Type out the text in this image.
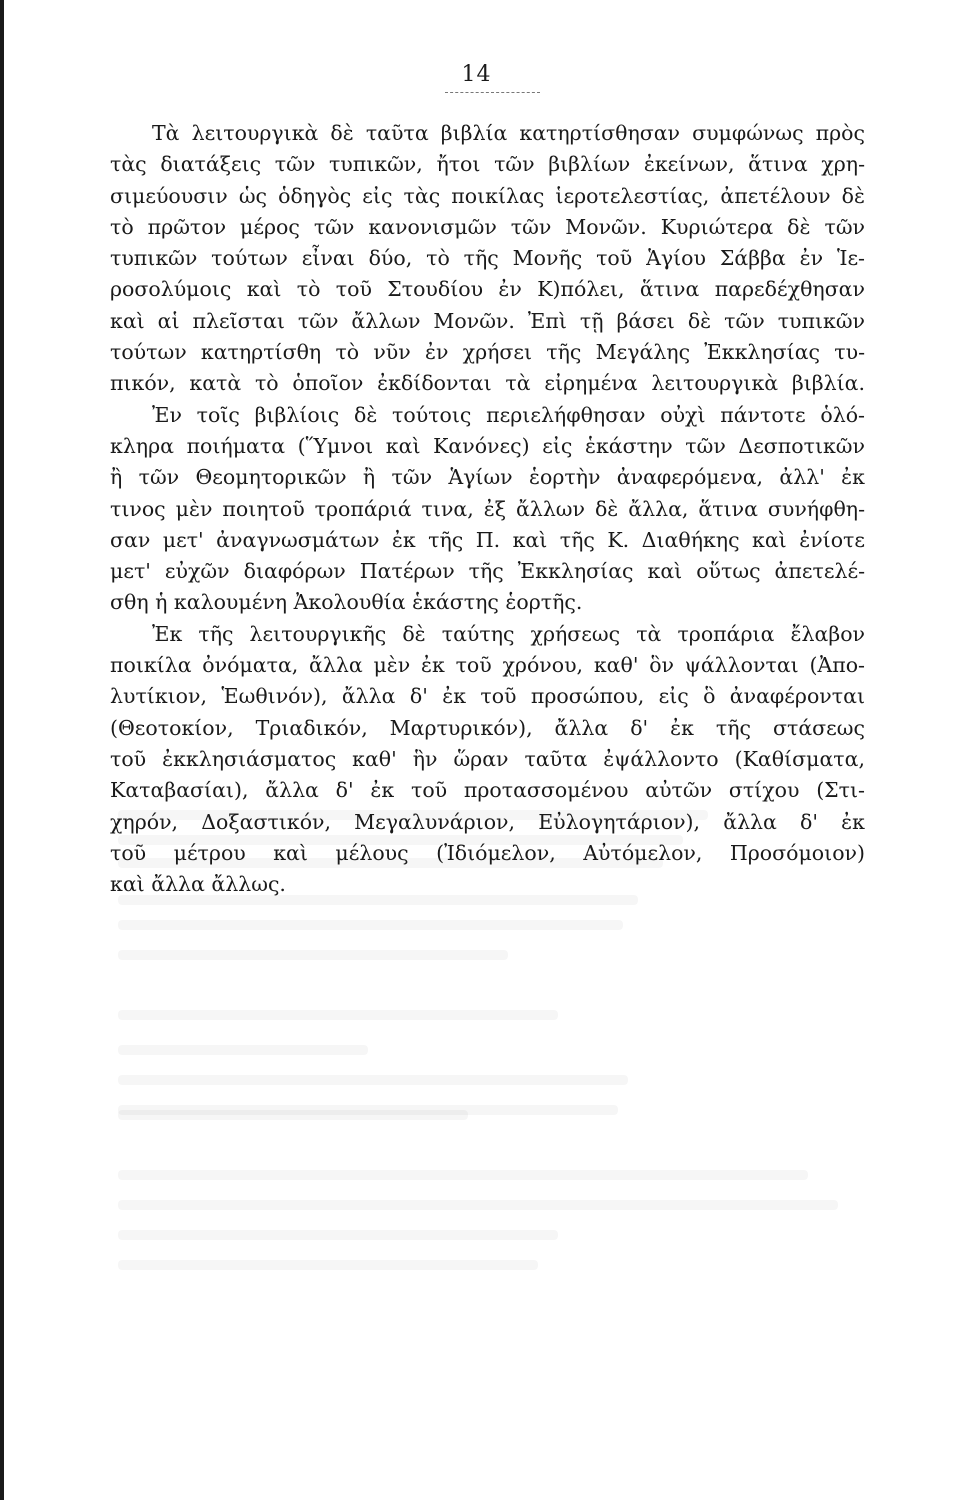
14
Τὰ λειτουργικὰ δὲ ταῦτα βιβλία κατηρτίσθησαν συμφώνως πρὸς
τὰς διατάξεις τῶν τυπικῶν, ἤτοι τῶν βιβλίων ἐκείνων, ἅτινα χρη-
σιμεύουσιν ὡς ὁδηγὸς εἰς τὰς ποικίλας ἱεροτελεστίας, ἀπετέλουν δὲ
τὸ πρῶτον μέρος τῶν κανονισμῶν τῶν Μονῶν. Κυριώτερα δὲ τῶν
τυπικῶν τούτων εἶναι δύο, τὸ τῆς Μονῆς τοῦ Ἁγίου Σάββα ἐν Ἱε-
ροσολύμοις καὶ τὸ τοῦ Στουδίου ἐν Κ)πόλει, ἅτινα παρεδέχθησαν
καὶ αἱ πλεῖσται τῶν ἄλλων Μονῶν. Ἐπὶ τῇ βάσει δὲ τῶν τυπικῶν
τούτων κατηρτίσθη τὸ νῦν ἐν χρήσει τῆς Μεγάλης Ἐκκλησίας τυ-
πικόν, κατὰ τὸ ὁποῖον ἐκδίδονται τὰ εἰρημένα λειτουργικὰ βιβλία.
Ἐν τοῖς βιβλίοις δὲ τούτοις περιελήφθησαν οὐχὶ πάντοτε ὁλό-
κληρα ποιήματα (Ὕμνοι καὶ Κανόνες) εἰς ἑκάστην τῶν Δεσποτικῶν
ἢ τῶν Θεομητορικῶν ἢ τῶν Ἁγίων ἑορτὴν ἀναφερόμενα, ἀλλ' ἐκ
τινος μὲν ποιητοῦ τροπάριά τινα, ἐξ ἄλλων δὲ ἄλλα, ἅτινα συνήφθη-
σαν μετ' ἀναγνωσμάτων ἐκ τῆς Π. καὶ τῆς Κ. Διαθήκης καὶ ἐνίοτε
μετ' εὐχῶν διαφόρων Πατέρων τῆς Ἐκκλησίας καὶ οὕτως ἀπετελέ-
σθη ἡ καλουμένη Ἀκολουθία ἑκάστης ἑορτῆς.
Ἐκ τῆς λειτουργικῆς δὲ ταύτης χρήσεως τὰ τροπάρια ἔλαβον
ποικίλα ὀνόματα, ἄλλα μὲν ἐκ τοῦ χρόνου, καθ' ὃν ψάλλονται (Ἀπο-
λυτίκιον, Ἑωθινόν), ἄλλα δ' ἐκ τοῦ προσώπου, εἰς ὃ ἀναφέρονται
(Θεοτοκίον, Τριαδικόν, Μαρτυρικόν), ἄλλα δ' ἐκ τῆς στάσεως
τοῦ ἐκκλησιάσματος καθ' ἣν ὥραν ταῦτα ἐψάλλοντο (Καθίσματα,
Καταβασίαι), ἄλλα δ' ἐκ τοῦ προτασσομένου αὐτῶν στίχου (Στι-
χηρόν, Δοξαστικόν, Μεγαλυνάριον, Εὐλογητάριον), ἄλλα δ' ἐκ
τοῦ μέτρου καὶ μέλους (Ἰδιόμελον, Αὐτόμελον, Προσόμοιον)
καὶ ἄλλα ἄλλως.
